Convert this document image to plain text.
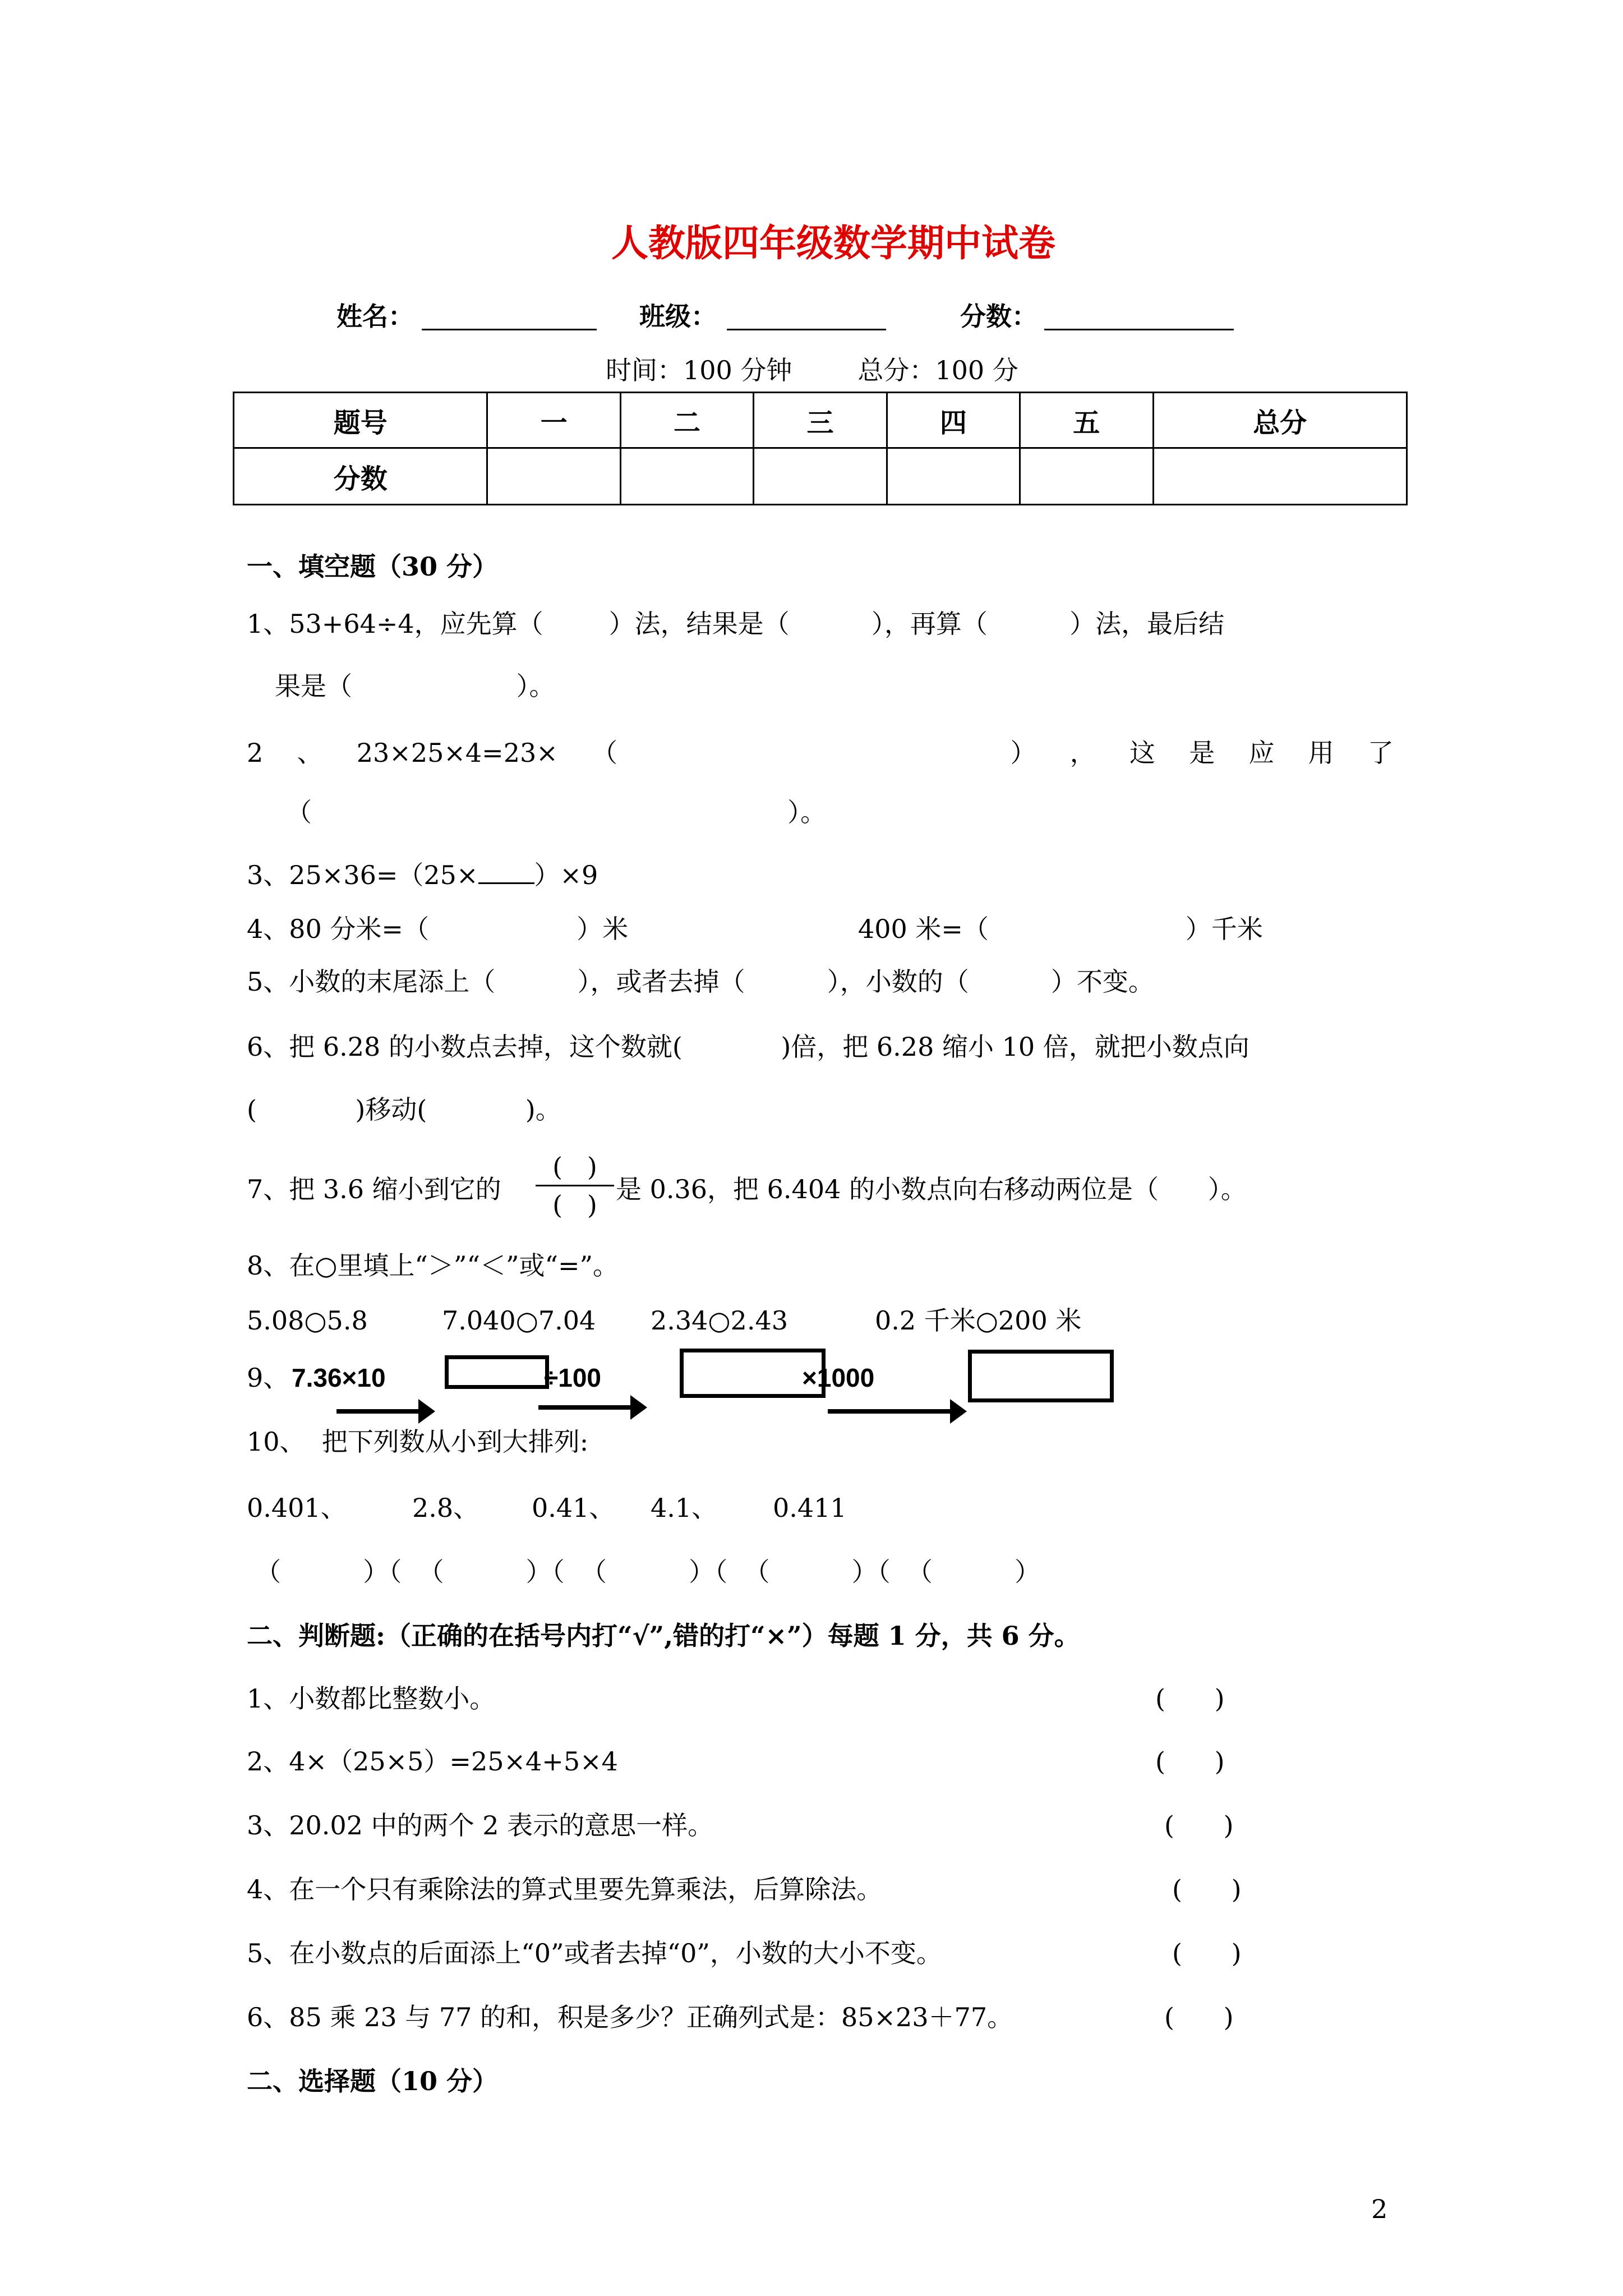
人教版四年级数学期中试卷
姓名：	班级：	分数：
时间：100 分钟        总分：100 分
题号	一	二	三	四	五	总分
分数						
一、填空题（30 分）
1、53+64÷4，应先算（        ）法，结果是（          ），再算（          ）法，最后结
果是（                    ）。
2 、 23×25×4=23× （	） ， 这 是 应 用 了
（                                                          ）。
3、25×36=（25× ）×9
4、80 分米=（                  ）米	400 米=（                        ）千米
5、小数的末尾添上（          ），或者去掉（          ），小数的（          ）不变。
6、把 6.28 的小数点去掉，这个数就(            )倍，把 6.28 缩小 10 倍，就把小数点向
(            )移动(            )。
7、把 3.6 缩小到它的
(   )
(   )
是 0.36，把 6.404 的小数点向右移动两位是（      ）。
8、在○里填上“＞”“＜”或“=”。
5.08○5.8	7.040○7.04 2.34○2.43	0.2 千米○200 米
9、 7.36×10	÷100	×1000
10、  把下列数从小到大排列:
0.401、	2.8、 0.41、 4.1、 0.411
（          ）（  （          ）（  （          ）（  （          ）（  （          ）
二、判断题:（正确的在括号内打“√”,错的打“×”）每题 1 分，共 6 分。
1、小数都比整数小。	(      )
2、4×（25×5）=25×4+5×4	(      )
3、20.02 中的两个 2 表示的意思一样。	(      )
4、在一个只有乘除法的算式里要先算乘法，后算除法。	(      )
5、在小数点的后面添上“0”或者去掉“0”，小数的大小不变。	(      )
6、85 乘 23 与 77 的和，积是多少？正确列式是：85×23＋77。	(      )
二、选择题（10 分）
2
